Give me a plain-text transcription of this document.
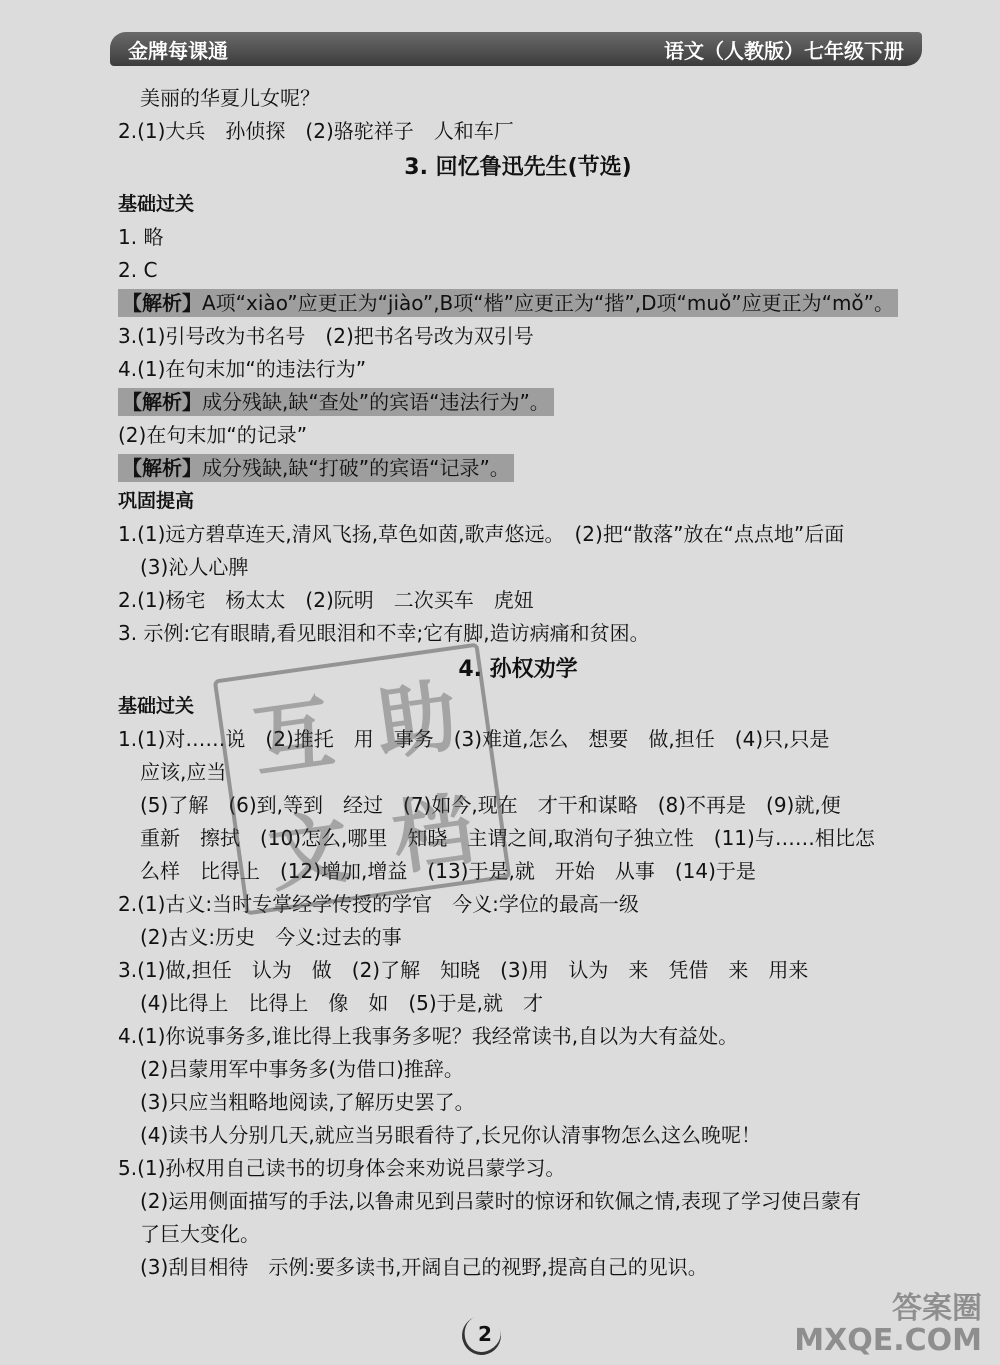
金牌每课通	语文（人教版）七年级下册
美丽的华夏儿女呢？
2.(1)大兵　孙侦探　(2)骆驼祥子　人和车厂
3. 回忆鲁迅先生(节选)
基础过关
1. 略
2. C
【解析】A项“xiào”应更正为“jiào”,B项“楷”应更正为“揩”,D项“muǒ”应更正为“mǒ”。
3.(1)引号改为书名号　(2)把书名号改为双引号
4.(1)在句末加“的违法行为”
【解析】成分残缺,缺“查处”的宾语“违法行为”。
(2)在句末加“的记录”
【解析】成分残缺,缺“打破”的宾语“记录”。
巩固提高
1.(1)远方碧草连天,清风飞扬,草色如茵,歌声悠远。　(2)把“散落”放在“点点地”后面
(3)沁人心脾
2.(1)杨宅　杨太太　(2)阮明　二次买车　虎妞
3. 示例:它有眼睛,看见眼泪和不幸;它有脚,造访病痛和贫困。
4. 孙权劝学
基础过关
1.(1)对……说　(2)推托　用　事务　(3)难道,怎么　想要　做,担任　(4)只,只是
应该,应当
(5)了解　(6)到,等到　经过　(7)如今,现在　才干和谋略　(8)不再是　(9)就,便
重新　擦拭　(10)怎么,哪里　知晓　主谓之间,取消句子独立性　(11)与……相比怎
么样　比得上　(12)增加,增益　(13)于是,就　开始　从事　(14)于是
2.(1)古义:当时专掌经学传授的学官　今义:学位的最高一级
(2)古义:历史　今义:过去的事
3.(1)做,担任　认为　做　(2)了解　知晓　(3)用　认为　来　凭借　来　用来
(4)比得上　比得上　像　如　(5)于是,就　才
4.(1)你说事务多,谁比得上我事务多呢？我经常读书,自以为大有益处。
(2)吕蒙用军中事务多(为借口)推辞。
(3)只应当粗略地阅读,了解历史罢了。
(4)读书人分别几天,就应当另眼看待了,长兄你认清事物怎么这么晚呢！
5.(1)孙权用自己读书的切身体会来劝说吕蒙学习。
(2)运用侧面描写的手法,以鲁肃见到吕蒙时的惊讶和钦佩之情,表现了学习使吕蒙有
了巨大变化。
(3)刮目相待　示例:要多读书,开阔自己的视野,提高自己的见识。
互 助
文 档
2
答案圈
MXQE.COM
